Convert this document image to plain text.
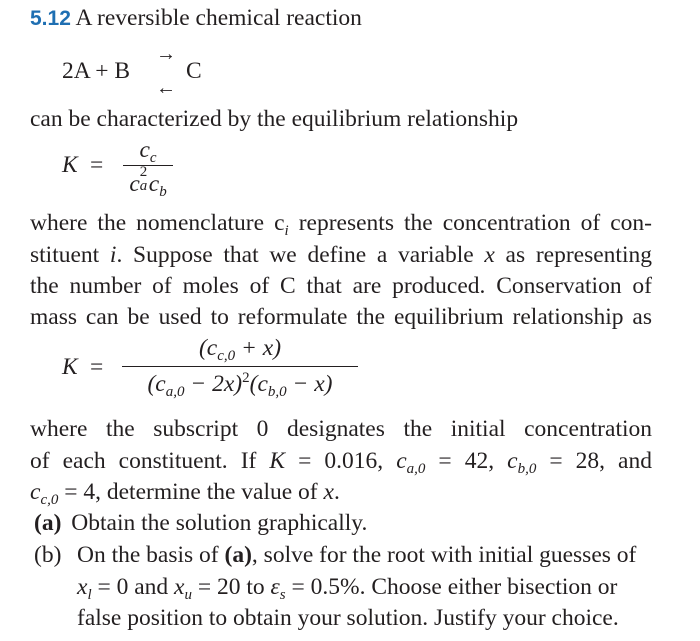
5.12 A reversible chemical reaction
2A + B
→
←
C
can be characterized by the equilibrium relationship
K =
$c_c$
c 2
a $c_b$
where the nomenclature $c_i$ represents the concentration of con-
stituent i. Suppose that we define a variable x as representing
the number of moles of C that are produced. Conservation of
mass can be used to reformulate the equilibrium relationship as
K =
$(c_{c,0} + x)$
$(c_{a,0} - 2x)^2(c_{b,0} - x)$
where the subscript 0 designates the initial concentration
of each constituent. If K = 0.016, $c_{a,0} = 42$, $c_{b,0} = 28$, and
$c_{c,0} = 4$, determine the value of x.
(a) Obtain the solution graphically.
(b) On the basis of (a), solve for the root with initial guesses of
$x_l = 0$ and $x_u = 20$ to $\varepsilon_s = 0.5\%$. Choose either bisection or
false position to obtain your solution. Justify your choice.
